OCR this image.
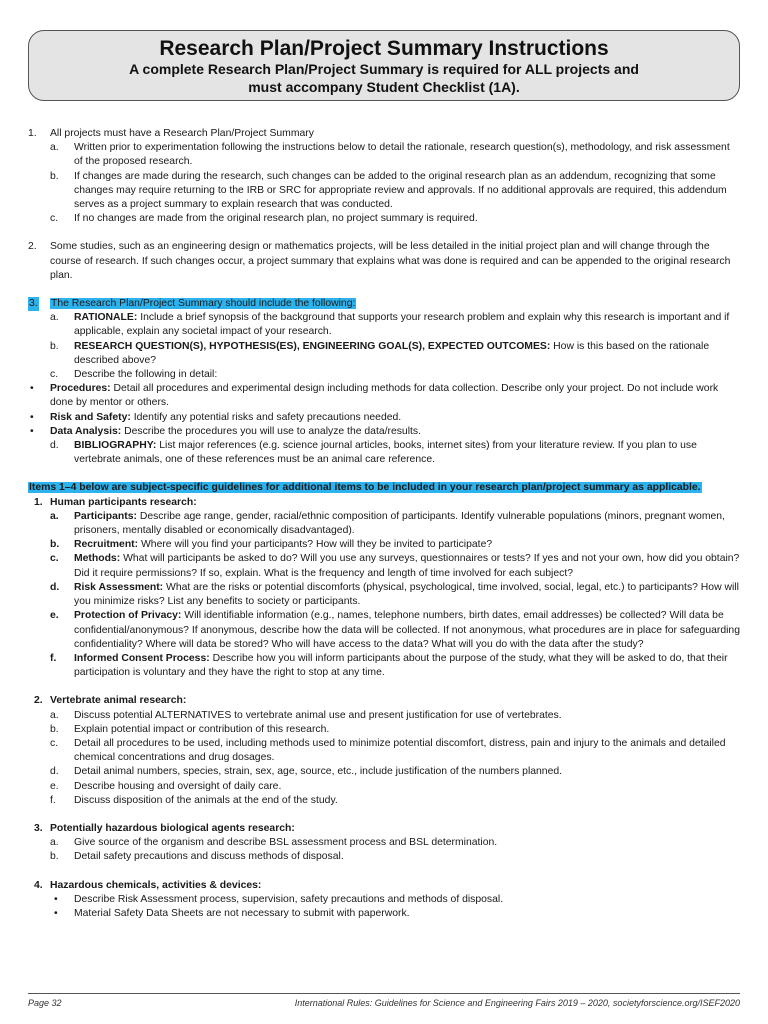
Research Plan/Project Summary Instructions
A complete Research Plan/Project Summary is required for ALL projects and
must accompany Student Checklist (1A).
1.	All projects must have a Research Plan/Project Summary
a.	Written prior to experimentation following the instructions below to detail the rationale, research question(s), methodology, and risk assessment of the proposed research.
b.	If changes are made during the research, such changes can be added to the original research plan as an addendum, recognizing that some changes may require returning to the IRB or SRC for appropriate review and approvals. If no additional approvals are required, this addendum serves as a project summary to explain research that was conducted.
c.	If no changes are made from the original research plan, no project summary is required.
2.	Some studies, such as an engineering design or mathematics projects, will be less detailed in the initial project plan and will change through the course of research. If such changes occur, a project summary that explains what was done is required and can be appended to the original research plan.
3.	The Research Plan/Project Summary should include the following:
a.	RATIONALE: Include a brief synopsis of the background that supports your research problem and explain why this research is important and if applicable, explain any societal impact of your research.
b.	RESEARCH QUESTION(S), HYPOTHESIS(ES), ENGINEERING GOAL(S), EXPECTED OUTCOMES: How is this based on the rationale described above?
c.	Describe the following in detail:
•	Procedures: Detail all procedures and experimental design including methods for data collection. Describe only your project. Do not include work done by mentor or others.
•	Risk and Safety: Identify any potential risks and safety precautions needed.
•	Data Analysis: Describe the procedures you will use to analyze the data/results.
d.	BIBLIOGRAPHY: List major references (e.g. science journal articles, books, internet sites) from your literature review. If you plan to use vertebrate animals, one of these references must be an animal care reference.
Items 1–4 below are subject-specific guidelines for additional items to be included in your research plan/project summary as applicable.
1. Human participants research:
a.	Participants: Describe age range, gender, racial/ethnic composition of participants. Identify vulnerable populations (minors, pregnant women, prisoners, mentally disabled or economically disadvantaged).
b.	Recruitment: Where will you find your participants? How will they be invited to participate?
c.	Methods: What will participants be asked to do? Will you use any surveys, questionnaires or tests? If yes and not your own, how did you obtain? Did it require permissions? If so, explain. What is the frequency and length of time involved for each subject?
d.	Risk Assessment: What are the risks or potential discomforts (physical, psychological, time involved, social, legal, etc.) to participants? How will you minimize risks? List any benefits to society or participants.
e.	Protection of Privacy: Will identifiable information (e.g., names, telephone numbers, birth dates, email addresses) be collected? Will data be confidential/anonymous? If anonymous, describe how the data will be collected. If not anonymous, what procedures are in place for safeguarding confidentiality? Where will data be stored? Who will have access to the data? What will you do with the data after the study?
f.	Informed Consent Process: Describe how you will inform participants about the purpose of the study, what they will be asked to do, that their participation is voluntary and they have the right to stop at any time.
2. Vertebrate animal research:
a.	Discuss potential ALTERNATIVES to vertebrate animal use and present justification for use of vertebrates.
b.	Explain potential impact or contribution of this research.
c.	Detail all procedures to be used, including methods used to minimize potential discomfort, distress, pain and injury to the animals and detailed chemical concentrations and drug dosages.
d.	Detail animal numbers, species, strain, sex, age, source, etc., include justification of the numbers planned.
e.	Describe housing and oversight of daily care.
f.	Discuss disposition of the animals at the end of the study.
3. Potentially hazardous biological agents research:
a.	Give source of the organism and describe BSL assessment process and BSL determination.
b.	Detail safety precautions and discuss methods of disposal.
4. Hazardous chemicals, activities & devices:
•	Describe Risk Assessment process, supervision, safety precautions and methods of disposal.
•	Material Safety Data Sheets are not necessary to submit with paperwork.
Page 32	International Rules: Guidelines for Science and Engineering Fairs 2019 – 2020, societyforscience.org/ISEF2020
